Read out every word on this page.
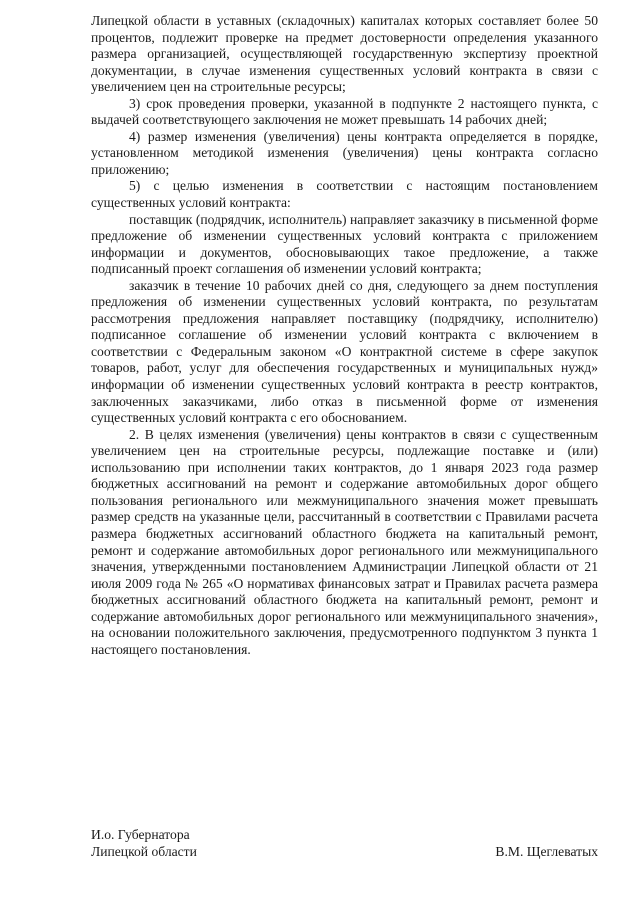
Липецкой области в уставных (складочных) капиталах которых составляет более 50 процентов, подлежит проверке на предмет достоверности определения указанного размера организацией, осуществляющей государственную экспертизу проектной документации, в случае изменения существенных условий контракта в связи с увеличением цен на строительные ресурсы;

3) срок проведения проверки, указанной в подпункте 2 настоящего пункта, с выдачей соответствующего заключения не может превышать 14 рабочих дней;

4) размер изменения (увеличения) цены контракта определяется в порядке, установленном методикой изменения (увеличения) цены контракта согласно приложению;

5) с целью изменения в соответствии с настоящим постановлением существенных условий контракта:

поставщик (подрядчик, исполнитель) направляет заказчику в письменной форме предложение об изменении существенных условий контракта с приложением информации и документов, обосновывающих такое предложение, а также подписанный проект соглашения об изменении условий контракта;

заказчик в течение 10 рабочих дней со дня, следующего за днем поступления предложения об изменении существенных условий контракта, по результатам рассмотрения предложения направляет поставщику (подрядчику, исполнителю) подписанное соглашение об изменении условий контракта с включением в соответствии с Федеральным законом «О контрактной системе в сфере закупок товаров, работ, услуг для обеспечения государственных и муниципальных нужд» информации об изменении существенных условий контракта в реестр контрактов, заключенных заказчиками, либо отказ в письменной форме от изменения существенных условий контракта с его обоснованием.

2. В целях изменения (увеличения) цены контрактов в связи с существенным увеличением цен на строительные ресурсы, подлежащие поставке и (или) использованию при исполнении таких контрактов, до 1 января 2023 года размер бюджетных ассигнований на ремонт и содержание автомобильных дорог общего пользования регионального или межмуниципального значения может превышать размер средств на указанные цели, рассчитанный в соответствии с Правилами расчета размера бюджетных ассигнований областного бюджета на капитальный ремонт, ремонт и содержание автомобильных дорог регионального или межмуниципального значения, утвержденными постановлением Администрации Липецкой области от 21 июля 2009 года № 265 «О нормативах финансовых затрат и Правилах расчета размера бюджетных ассигнований областного бюджета на капитальный ремонт, ремонт и содержание автомобильных дорог регионального или межмуниципального значения», на основании положительного заключения, предусмотренного подпунктом 3 пункта 1 настоящего постановления.

И.о. Губернатора
Липецкой области	В.М. Щеглеватых
